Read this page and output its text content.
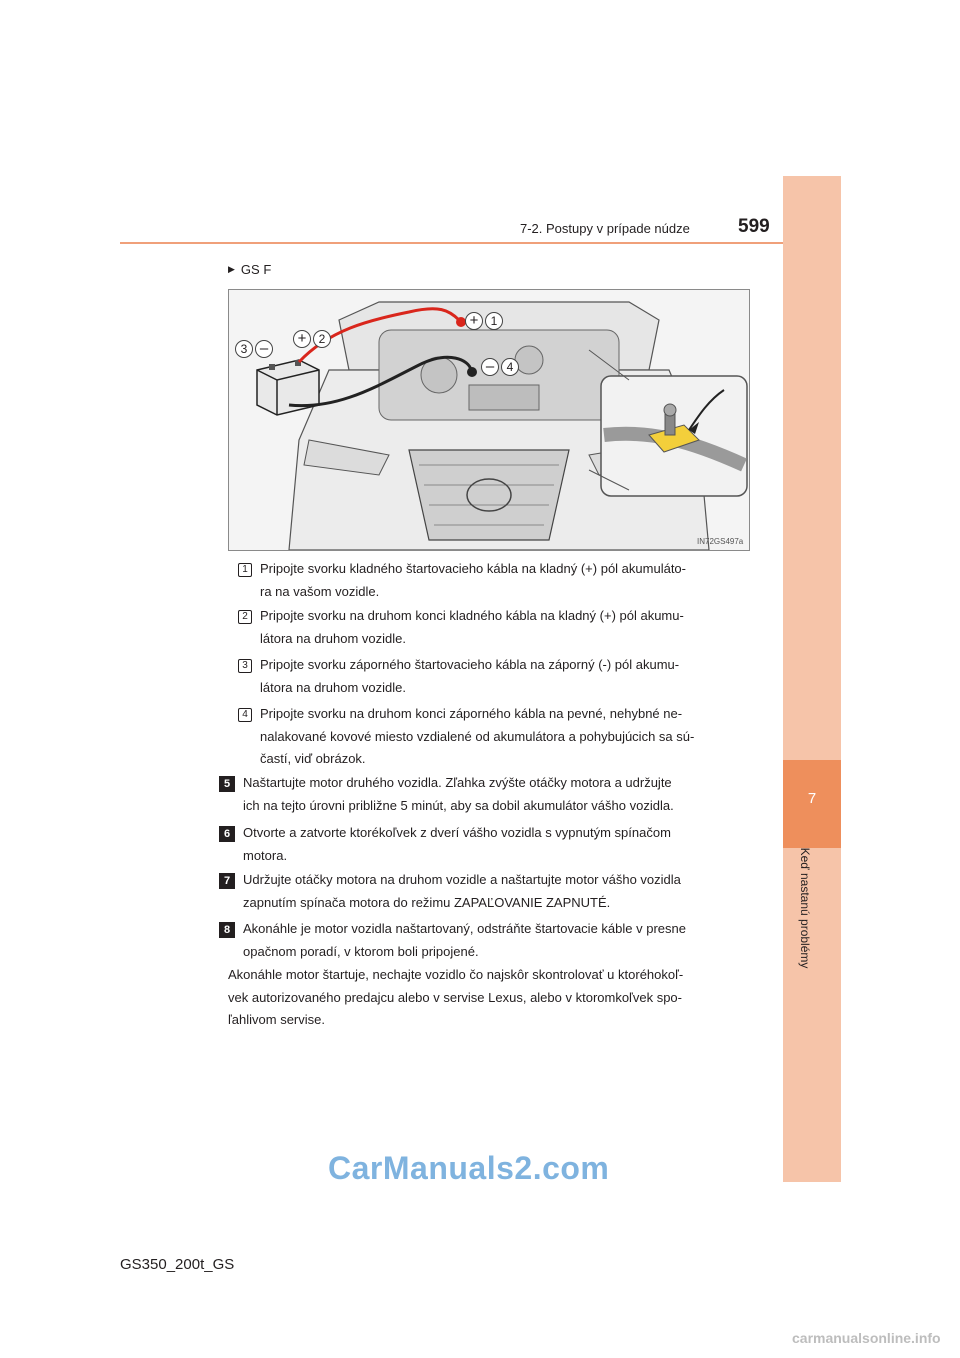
7
Keď nastanú problémy
7-2. Postupy v prípade núdze	599
▶ GS F
IN72GS497a
+	1
+	2
3 –
–	4
1 Pripojte svorku kladného štartovacieho kábla na kladný (+) pól akumuláto-
ra na vašom vozidle.
2 Pripojte svorku na druhom konci kladného kábla na kladný (+) pól akumu-
látora na druhom vozidle.
3 Pripojte svorku záporného štartovacieho kábla na záporný (-) pól akumu-
látora na druhom vozidle.
4 Pripojte svorku na druhom konci záporného kábla na pevné, nehybné ne-
nalakované kovové miesto vzdialené od akumulátora a pohybujúcich sa sú-
častí, viď obrázok.
5 Naštartujte motor druhého vozidla. Zľahka zvýšte otáčky motora a udržujte
ich na tejto úrovni približne 5 minút, aby sa dobil akumulátor vášho vozidla.
6 Otvorte a zatvorte ktorékoľvek z dverí vášho vozidla s vypnutým spínačom
motora.
7 Udržujte otáčky motora na druhom vozidle a naštartujte motor vášho vozidla
zapnutím spínača motora do režimu ZAPAĽOVANIE ZAPNUTÉ.
8 Akonáhle je motor vozidla naštartovaný, odstráňte štartovacie káble v presne
opačnom poradí, v ktorom boli pripojené.
Akonáhle motor štartuje, nechajte vozidlo čo najskôr skontrolovať u ktoréhokoľ-
vek autorizovaného predajcu alebo v servise Lexus, alebo v ktoromkoľvek spo-
ľahlivom servise.
CarManuals2.com
GS350_200t_GS
carmanualsonline.info
